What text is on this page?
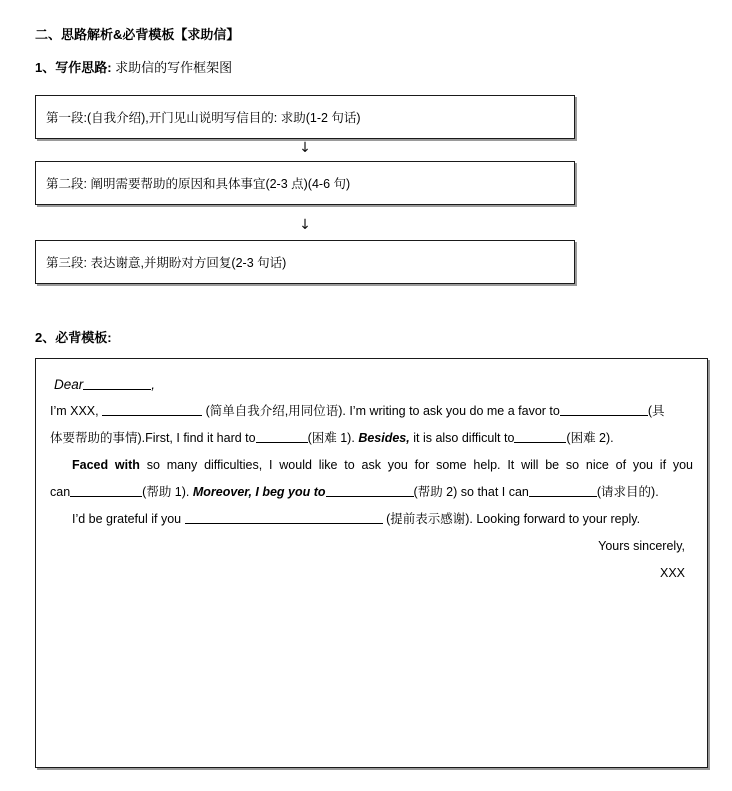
二、思路解析&必背模板【求助信】
1、写作思路: 求助信的写作框架图
第一段:(自我介绍),开门见山说明写信目的: 求助(1-2 句话)
↓
第二段: 阐明需要帮助的原因和具体事宜(2-3 点)(4-6 句)
↓
第三段: 表达谢意,并期盼对方回复(2-3 句话)
2、必背模板:
Dear	,
I’m XXX,	(简单自我介绍,用同位语). I’m writing to ask you do me a favor to	(具
体要帮助的事情).First, I find it hard to	(困难 1). Besides, it is also difficult to	(困难 2).
Faced with so many difficulties, I would like to ask you for some help. It will be so nice of you if you
can	(帮助 1). Moreover, I beg you to	(帮助 2) so that I can	(请求目的).
I’d be grateful if you	(提前表示感谢). Looking forward to your reply.
Yours sincerely,
XXX
